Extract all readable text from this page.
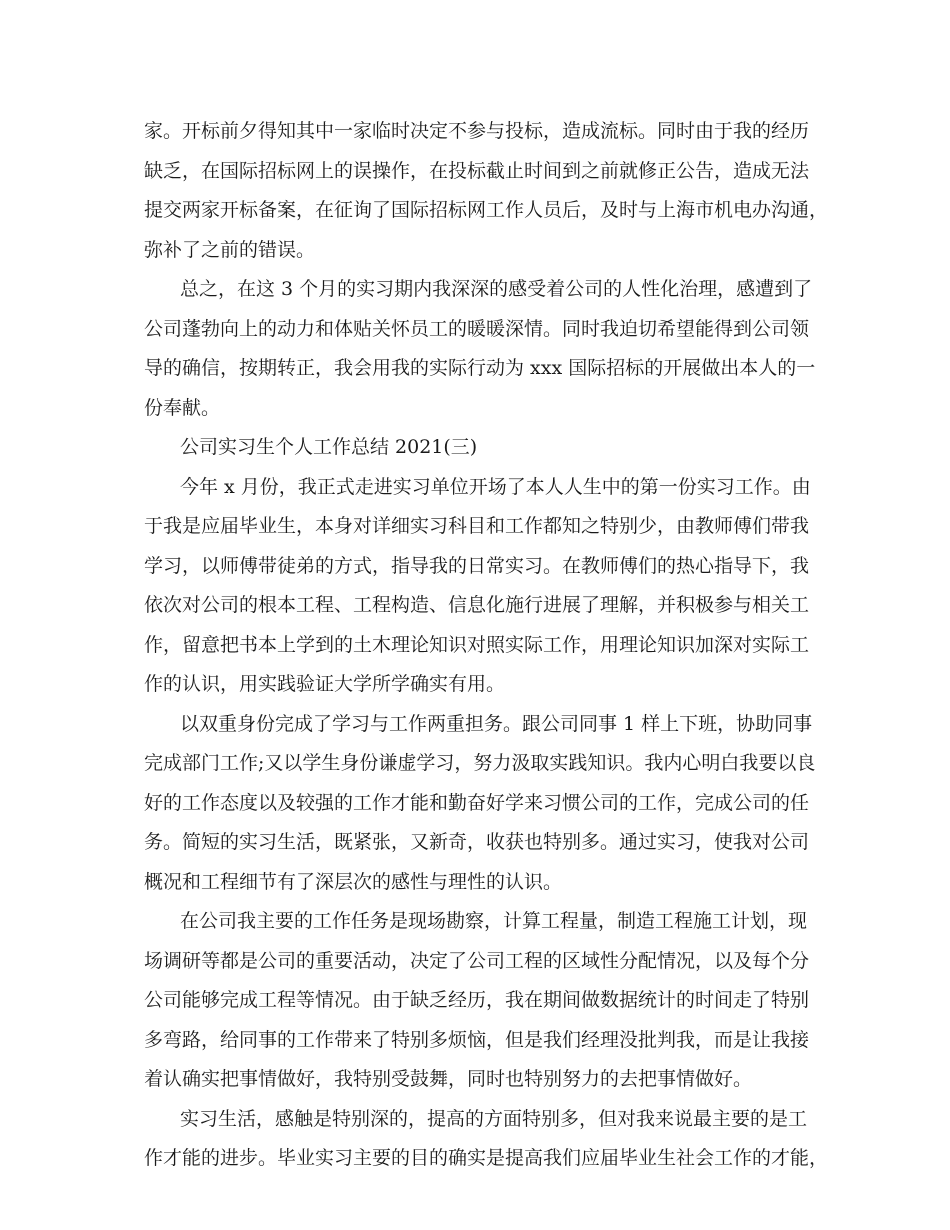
家。开标前夕得知其中一家临时决定不参与投标，造成流标。同时由于我的经历
缺乏，在国际招标网上的误操作，在投标截止时间到之前就修正公告，造成无法
提交两家开标备案，在征询了国际招标网工作人员后，及时与上海市机电办沟通，
弥补了之前的错误。
总之，在这 3 个月的实习期内我深深的感受着公司的人性化治理，感遭到了
公司蓬勃向上的动力和体贴关怀员工的暖暖深情。同时我迫切希望能得到公司领
导的确信，按期转正，我会用我的实际行动为 xxx 国际招标的开展做出本人的一
份奉献。
公司实习生个人工作总结 2021(三)
今年 x 月份，我正式走进实习单位开场了本人人生中的第一份实习工作。由
于我是应届毕业生，本身对详细实习科目和工作都知之特别少，由教师傅们带我
学习，以师傅带徒弟的方式，指导我的日常实习。在教师傅们的热心指导下，我
依次对公司的根本工程、工程构造、信息化施行进展了理解，并积极参与相关工
作，留意把书本上学到的土木理论知识对照实际工作，用理论知识加深对实际工
作的认识，用实践验证大学所学确实有用。
以双重身份完成了学习与工作两重担务。跟公司同事 1 样上下班，协助同事
完成部门工作;又以学生身份谦虚学习，努力汲取实践知识。我内心明白我要以良
好的工作态度以及较强的工作才能和勤奋好学来习惯公司的工作，完成公司的任
务。简短的实习生活，既紧张，又新奇，收获也特别多。通过实习，使我对公司
概况和工程细节有了深层次的感性与理性的认识。
在公司我主要的工作任务是现场勘察，计算工程量，制造工程施工计划，现
场调研等都是公司的重要活动，决定了公司工程的区域性分配情况，以及每个分
公司能够完成工程等情况。由于缺乏经历，我在期间做数据统计的时间走了特别
多弯路，给同事的工作带来了特别多烦恼，但是我们经理没批判我，而是让我接
着认确实把事情做好，我特别受鼓舞，同时也特别努力的去把事情做好。
实习生活，感触是特别深的，提高的方面特别多，但对我来说最主要的是工
作才能的进步。毕业实习主要的目的确实是提高我们应届毕业生社会工作的才能，
